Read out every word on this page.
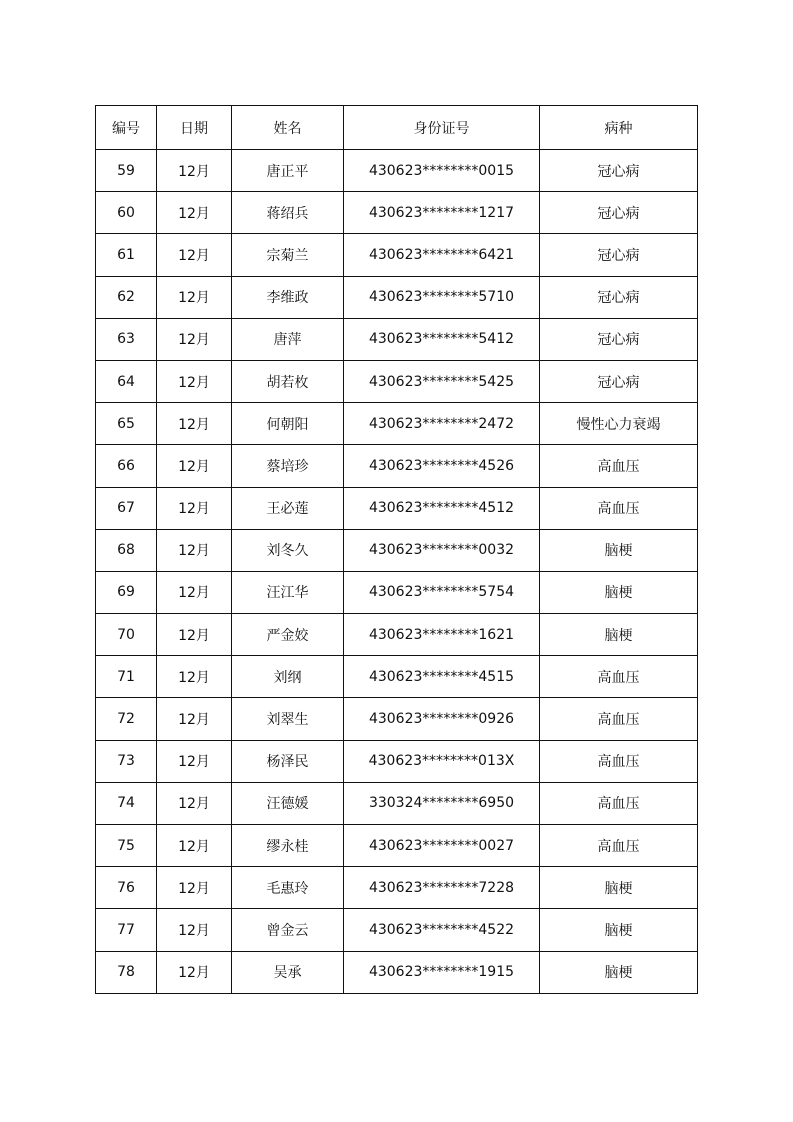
编号	日期	姓名	身份证号	病种
59	12月	唐正平	430623********0015	冠心病
60	12月	蒋绍兵	430623********1217	冠心病
61	12月	宗菊兰	430623********6421	冠心病
62	12月	李维政	430623********5710	冠心病
63	12月	唐萍	430623********5412	冠心病
64	12月	胡若枚	430623********5425	冠心病
65	12月	何朝阳	430623********2472	慢性心力衰竭
66	12月	蔡培珍	430623********4526	高血压
67	12月	王必莲	430623********4512	高血压
68	12月	刘冬久	430623********0032	脑梗
69	12月	汪江华	430623********5754	脑梗
70	12月	严金姣	430623********1621	脑梗
71	12月	刘纲	430623********4515	高血压
72	12月	刘翠生	430623********0926	高血压
73	12月	杨泽民	430623********013X	高血压
74	12月	汪德媛	330324********6950	高血压
75	12月	缪永桂	430623********0027	高血压
76	12月	毛惠玲	430623********7228	脑梗
77	12月	曾金云	430623********4522	脑梗
78	12月	吴承	430623********1915	脑梗
